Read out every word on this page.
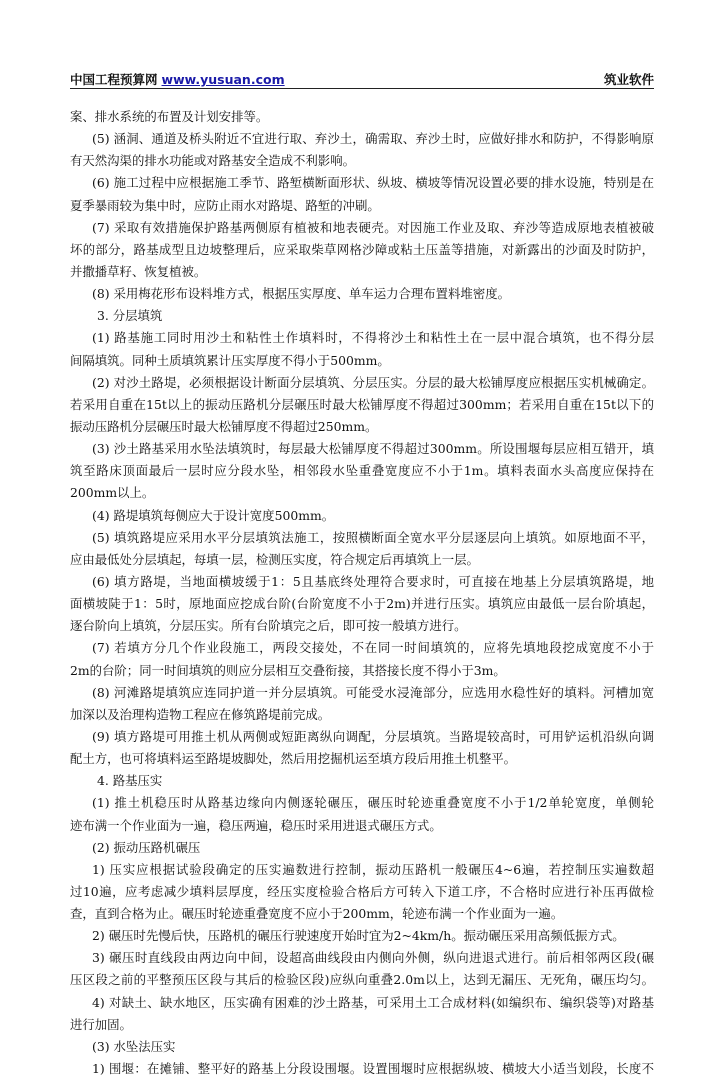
中国工程预算网 www.yusuan.com	筑业软件
案、排水系统的布置及计划安排等。
(5) 涵洞、通道及桥头附近不宜进行取、弃沙土，确需取、弃沙土时，应做好排水和防护，不得影响原
有天然沟渠的排水功能或对路基安全造成不利影响。
(6) 施工过程中应根据施工季节、路堑横断面形状、纵坡、横坡等情况设置必要的排水设施，特别是在
夏季暴雨较为集中时，应防止雨水对路堤、路堑的冲刷。
(7) 采取有效措施保护路基两侧原有植被和地表硬壳。对因施工作业及取、弃沙等造成原地表植被破
坏的部分，路基成型且边坡整理后，应采取柴草网格沙障或粘土压盖等措施，对新露出的沙面及时防护，
并撒播草籽、恢复植被。
(8) 采用梅花形布设料堆方式，根据压实厚度、单车运力合理布置料堆密度。
3. 分层填筑
(1) 路基施工同时用沙土和粘性土作填料时，不得将沙土和粘性土在一层中混合填筑，也不得分层
间隔填筑。同种土质填筑累计压实厚度不得小于500mm。
(2) 对沙土路堤，必须根据设计断面分层填筑、分层压实。分层的最大松铺厚度应根据压实机械确定。
若采用自重在15t以上的振动压路机分层碾压时最大松铺厚度不得超过300mm；若采用自重在15t以下的
振动压路机分层碾压时最大松铺厚度不得超过250mm。
(3) 沙土路基采用水坠法填筑时，每层最大松铺厚度不得超过300mm。所设围堰每层应相互错开，填
筑至路床顶面最后一层时应分段水坠，相邻段水坠重叠宽度应不小于1m。填料表面水头高度应保持在
200mm以上。
(4) 路堤填筑每侧应大于设计宽度500mm。
(5) 填筑路堤应采用水平分层填筑法施工，按照横断面全宽水平分层逐层向上填筑。如原地面不平，
应由最低处分层填起，每填一层，检测压实度，符合规定后再填筑上一层。
(6) 填方路堤，当地面横坡缓于1：5且基底终处理符合要求时，可直接在地基上分层填筑路堤，地
面横坡陡于1：5时，原地面应挖成台阶(台阶宽度不小于2m)并进行压实。填筑应由最低一层台阶填起，
逐台阶向上填筑，分层压实。所有台阶填完之后，即可按一般填方进行。
(7) 若填方分几个作业段施工，两段交接处，不在同一时间填筑的，应将先填地段挖成宽度不小于
2m的台阶；同一时间填筑的则应分层相互交叠衔接，其搭接长度不得小于3m。
(8) 河滩路堤填筑应连同护道一并分层填筑。可能受水浸淹部分，应选用水稳性好的填料。河槽加宽
加深以及治理构造物工程应在修筑路堤前完成。
(9) 填方路堤可用推土机从两侧或短距离纵向调配，分层填筑。当路堤较高时，可用铲运机沿纵向调
配土方，也可将填料运至路堤坡脚处，然后用挖掘机运至填方段后用推土机整平。
4. 路基压实
(1) 推土机稳压时从路基边缘向内侧逐轮碾压，碾压时轮迹重叠宽度不小于1/2单轮宽度，单侧轮
迹布满一个作业面为一遍，稳压两遍，稳压时采用进退式碾压方式。
(2) 振动压路机碾压
1) 压实应根据试验段确定的压实遍数进行控制，振动压路机一般碾压4~6遍，若控制压实遍数超
过10遍，应考虑减少填料层厚度，经压实度检验合格后方可转入下道工序，不合格时应进行补压再做检
查，直到合格为止。碾压时轮迹重叠宽度不应小于200mm，轮迹布满一个作业面为一遍。
2) 碾压时先慢后快，压路机的碾压行驶速度开始时宜为2~4km/h。振动碾压采用高频低振方式。
3) 碾压时直线段由两边向中间，设超高曲线段由内侧向外侧，纵向进退式进行。前后相邻两区段(碾
压区段之前的平整预压区段与其后的检验区段)应纵向重叠2.0m以上，达到无漏压、无死角，碾压均匀。
4) 对缺土、缺水地区，压实确有困难的沙土路基，可采用土工合成材料(如编织布、编织袋等)对路基
进行加固。
(3) 水坠法压实
1) 围堰：在摊铺、整平好的路基上分段设围堰。设置围堰时应根据纵坡、横坡大小适当划段，长度不
